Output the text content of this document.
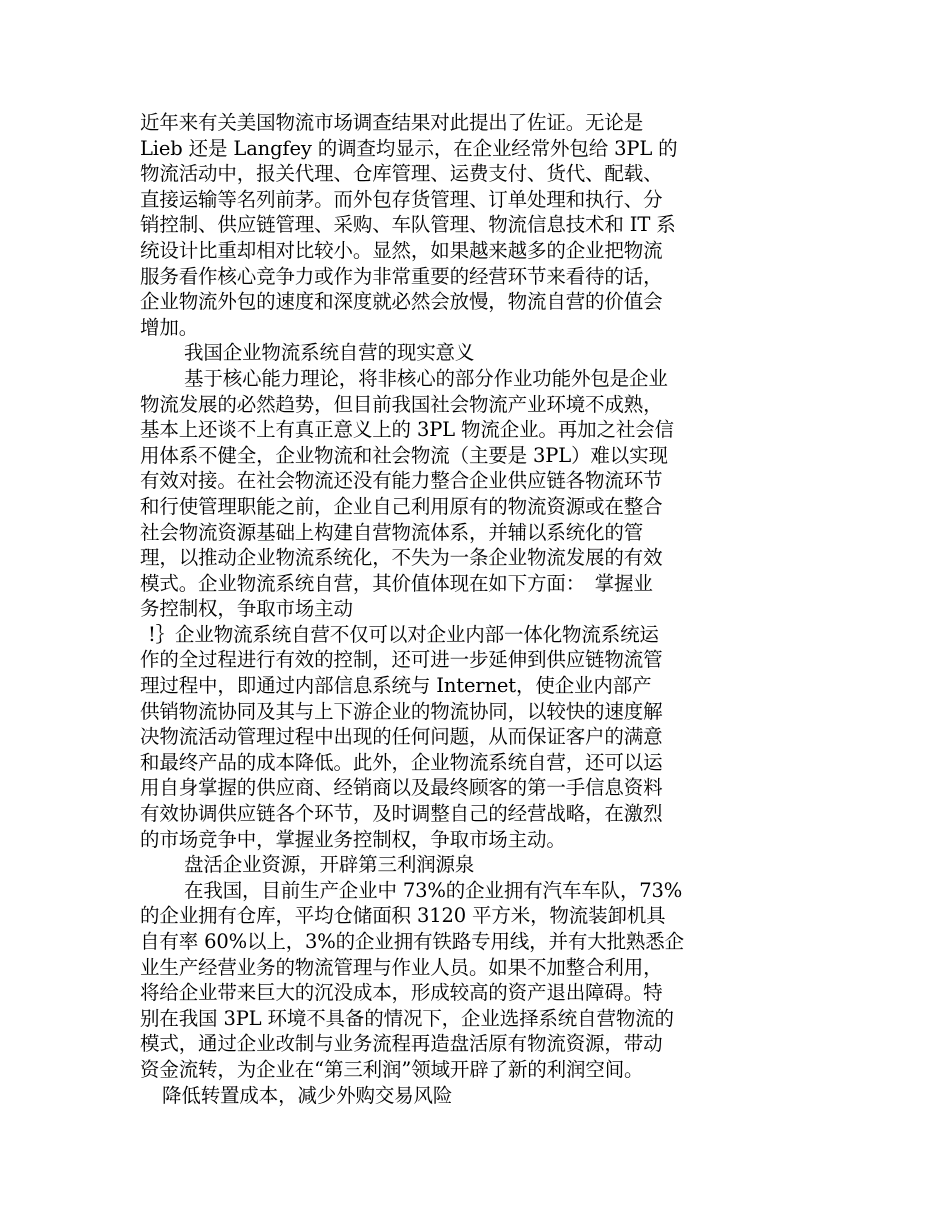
近年来有关美国物流市场调查结果对此提出了佐证。无论是
Lieb 还是 Langfey 的调查均显示，在企业经常外包给 3PL 的
物流活动中，报关代理、仓库管理、运费支付、货代、配载、
直接运输等名列前茅。而外包存货管理、订单处理和执行、分
销控制、供应链管理、采购、车队管理、物流信息技术和 IT 系
统设计比重却相对比较小。显然，如果越来越多的企业把物流
服务看作核心竞争力或作为非常重要的经营环节来看待的话，
企业物流外包的速度和深度就必然会放慢，物流自营的价值会
增加。
我国企业物流系统自营的现实意义
基于核心能力理论，将非核心的部分作业功能外包是企业
物流发展的必然趋势，但目前我国社会物流产业环境不成熟，
基本上还谈不上有真正意义上的 3PL 物流企业。再加之社会信
用体系不健全，企业物流和社会物流（主要是 3PL）难以实现
有效对接。在社会物流还没有能力整合企业供应链各物流环节
和行使管理职能之前，企业自己利用原有的物流资源或在整合
社会物流资源基础上构建自营物流体系，并辅以系统化的管
理，以推动企业物流系统化，不失为一条企业物流发展的有效
模式。企业物流系统自营，其价值体现在如下方面：　掌握业
务控制权，争取市场主动
!｝企业物流系统自营不仅可以对企业内部一体化物流系统运
作的全过程进行有效的控制，还可进一步延伸到供应链物流管
理过程中，即通过内部信息系统与 Internet，使企业内部产
供销物流协同及其与上下游企业的物流协同，以较快的速度解
决物流活动管理过程中出现的任何问题，从而保证客户的满意
和最终产品的成本降低。此外，企业物流系统自营，还可以运
用自身掌握的供应商、经销商以及最终顾客的第一手信息资料
有效协调供应链各个环节，及时调整自己的经营战略，在激烈
的市场竞争中，掌握业务控制权，争取市场主动。
盘活企业资源，开辟第三利润源泉
在我国，目前生产企业中 73%的企业拥有汽车车队，73%
的企业拥有仓库，平均仓储面积 3120 平方米，物流装卸机具
自有率 60%以上，3%的企业拥有铁路专用线，并有大批熟悉企
业生产经营业务的物流管理与作业人员。如果不加整合利用，
将给企业带来巨大的沉没成本，形成较高的资产退出障碍。特
别在我国 3PL 环境不具备的情况下，企业选择系统自营物流的
模式，通过企业改制与业务流程再造盘活原有物流资源，带动
资金流转，为企业在“第三利润”领域开辟了新的利润空间。
降低转置成本，减少外购交易风险
